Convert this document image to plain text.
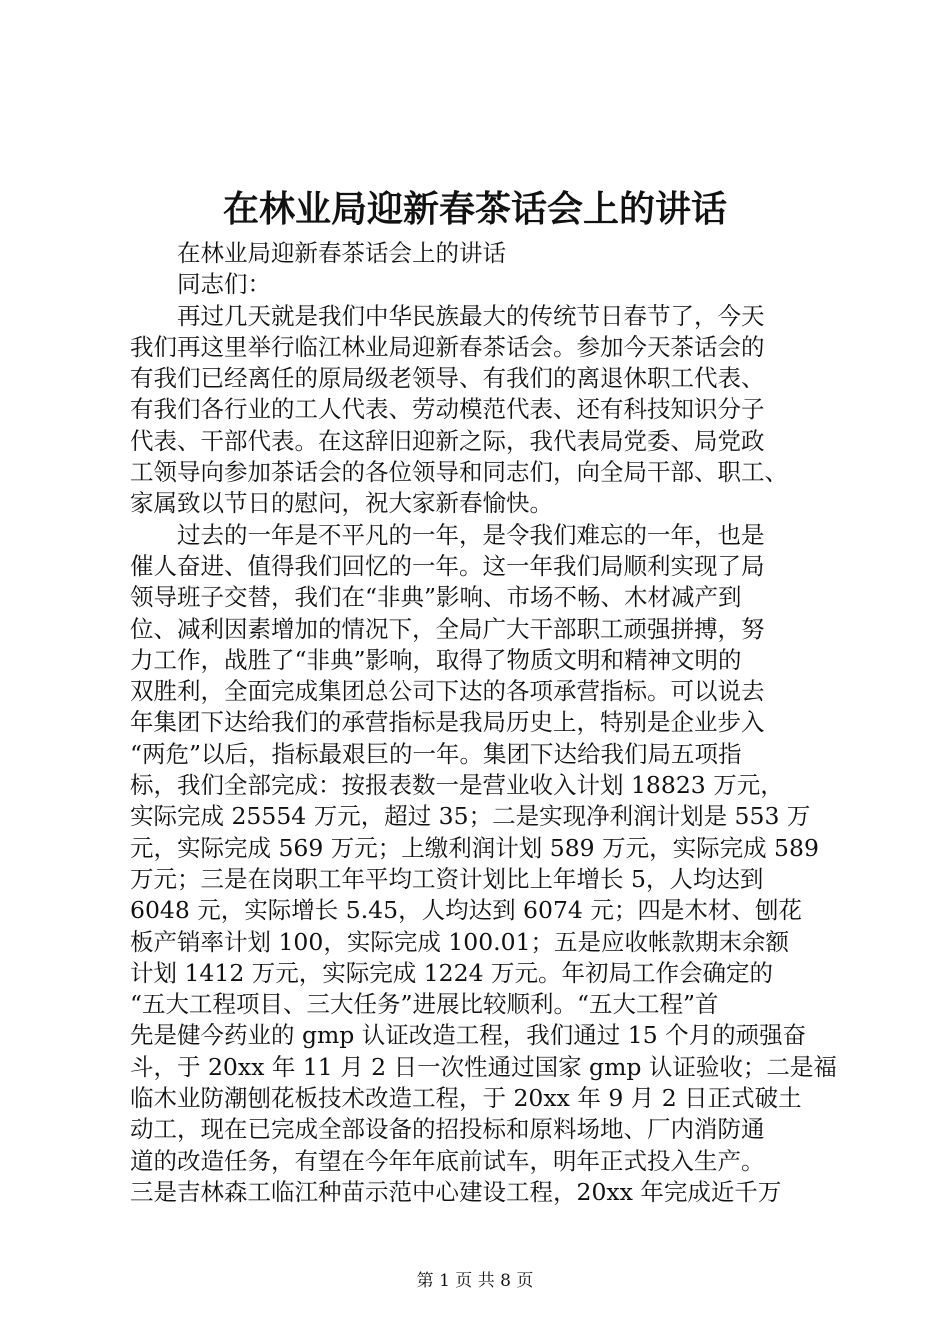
在林业局迎新春茶话会上的讲话

在林业局迎新春茶话会上的讲话

同志们：

再过几天就是我们中华民族最大的传统节日春节了，今天

我们再这里举行临江林业局迎新春茶话会。参加今天茶话会的

有我们已经离任的原局级老领导、有我们的离退休职工代表、

有我们各行业的工人代表、劳动模范代表、还有科技知识分子

代表、干部代表。在这辞旧迎新之际，我代表局党委、局党政

工领导向参加茶话会的各位领导和同志们，向全局干部、职工、

家属致以节日的慰问，祝大家新春愉快。

过去的一年是不平凡的一年，是令我们难忘的一年，也是

催人奋进、值得我们回忆的一年。这一年我们局顺利实现了局

领导班子交替，我们在“非典”影响、市场不畅、木材减产到

位、减利因素增加的情况下，全局广大干部职工顽强拼搏，努

力工作，战胜了“非典”影响，取得了物质文明和精神文明的

双胜利，全面完成集团总公司下达的各项承营指标。可以说去

年集团下达给我们的承营指标是我局历史上，特别是企业步入

“两危”以后，指标最艰巨的一年。集团下达给我们局五项指

标，我们全部完成：按报表数一是营业收入计划 18823 万元，

实际完成 25554 万元，超过 35；二是实现净利润计划是 553 万

元，实际完成 569 万元；上缴利润计划 589 万元，实际完成 589

万元；三是在岗职工年平均工资计划比上年增长 5，人均达到

6048 元，实际增长 5.45，人均达到 6074 元；四是木材、刨花

板产销率计划 100，实际完成 100.01；五是应收帐款期末余额

计划 1412 万元，实际完成 1224 万元。年初局工作会确定的

“五大工程项目、三大任务”进展比较顺利。“五大工程”首

先是健今药业的 gmp 认证改造工程，我们通过 15 个月的顽强奋

斗，于 20xx 年 11 月 2 日一次性通过国家 gmp 认证验收；二是福

临木业防潮刨花板技术改造工程，于 20xx 年 9 月 2 日正式破土

动工，现在已完成全部设备的招投标和原料场地、厂内消防通

道的改造任务，有望在今年年底前试车，明年正式投入生产。

三是吉林森工临江种苗示范中心建设工程，20xx 年完成近千万

第 1 页 共 8 页
